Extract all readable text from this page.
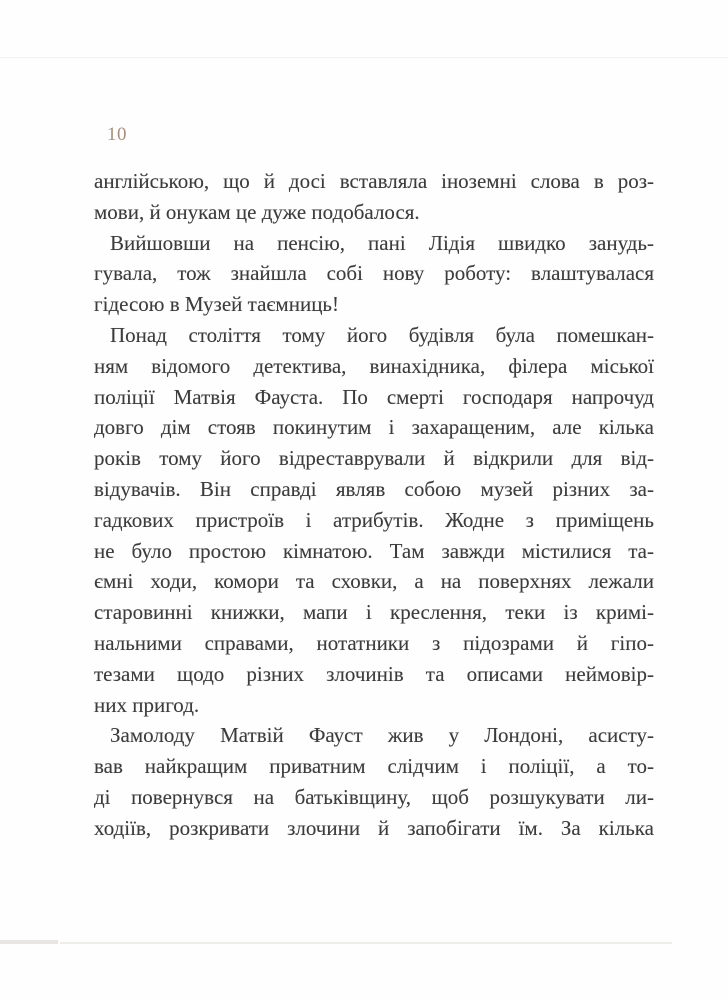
10
англійською, що й досі вставляла іноземні слова в роз-
мови, й онукам це дуже подобалося.
Вийшовши на пенсію, пані Лідія швидко занудь-
гувала, тож знайшла собі нову роботу: влаштувалася
гідесою в Музей таємниць!
Понад століття тому його будівля була помешкан-
ням відомого детектива, винахідника, філера міської
поліції Матвія Фауста. По смерті господаря напрочуд
довго дім стояв покинутим і захаращеним, але кілька
років тому його відреставрували й відкрили для від-
відувачів. Він справді являв собою музей різних за-
гадкових пристроїв і атрибутів. Жодне з приміщень
не було простою кімнатою. Там завжди містилися та-
ємні ходи, комори та сховки, а на поверхнях лежали
старовинні книжки, мапи і креслення, теки із кримі-
нальними справами, нотатники з підозрами й гіпо-
тезами щодо різних злочинів та описами неймовір-
них пригод.
Замолоду Матвій Фауст жив у Лондоні, асисту-
вав найкращим приватним слідчим і поліції, а то-
ді повернувся на батьківщину, щоб розшукувати ли-
ходіїв, розкривати злочини й запобігати їм. За кілька
